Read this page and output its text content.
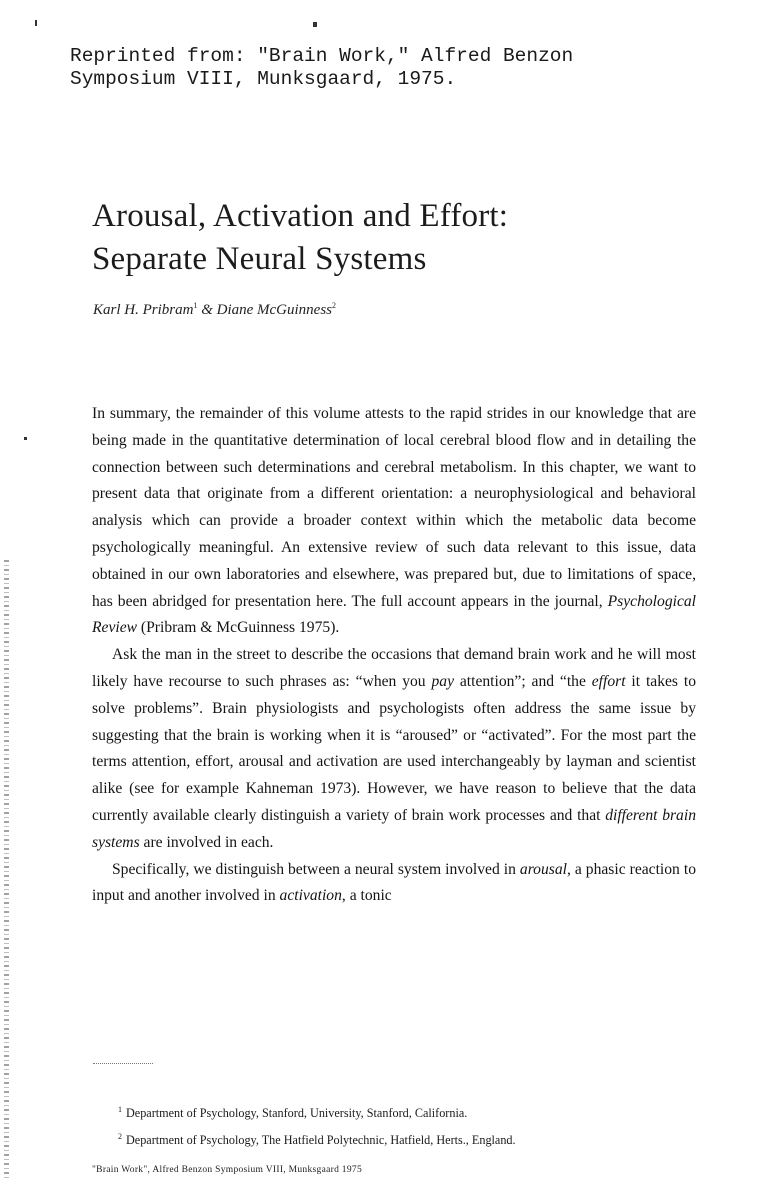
Reprinted from: "Brain Work," Alfred Benzon
Symposium VIII, Munksgaard, 1975.
Arousal, Activation and Effort:
Separate Neural Systems
Karl H. Pribram$^1$ & Diane McGuinness$^2$

In summary, the remainder of this volume attests to the rapid strides in our knowledge that are being made in the quantitative determination of local cerebral blood flow and in detailing the connection between such determinations and cerebral metabolism. In this chapter, we want to present data that originate from a different orientation: a neurophysiological and behavioral analysis which can provide a broader context within which the metabolic data become psychologically meaningful. An extensive review of such data relevant to this issue, data obtained in our own laboratories and elsewhere, was prepared but, due to limitations of space, has been abridged for presentation here. The full account appears in the journal, Psychological Review (Pribram & McGuinness 1975).

Ask the man in the street to describe the occasions that demand brain work and he will most likely have recourse to such phrases as: “when you pay attention”; and “the effort it takes to solve problems”. Brain physiologists and psychologists often address the same issue by suggesting that the brain is working when it is “aroused” or “activated”. For the most part the terms attention, effort, arousal and activation are used interchangeably by layman and scientist alike (see for example Kahneman 1973). However, we have reason to believe that the data currently available clearly distinguish a variety of brain work processes and that different brain systems are involved in each.

Specifically, we distinguish between a neural system involved in arousal, a phasic reaction to input and another involved in activation, a tonic

$^1$ Department of Psychology, Stanford, University, Stanford, California.
$^2$ Department of Psychology, The Hatfield Polytechnic, Hatfield, Herts., England.
"Brain Work", Alfred Benzon Symposium VIII, Munksgaard 1975
